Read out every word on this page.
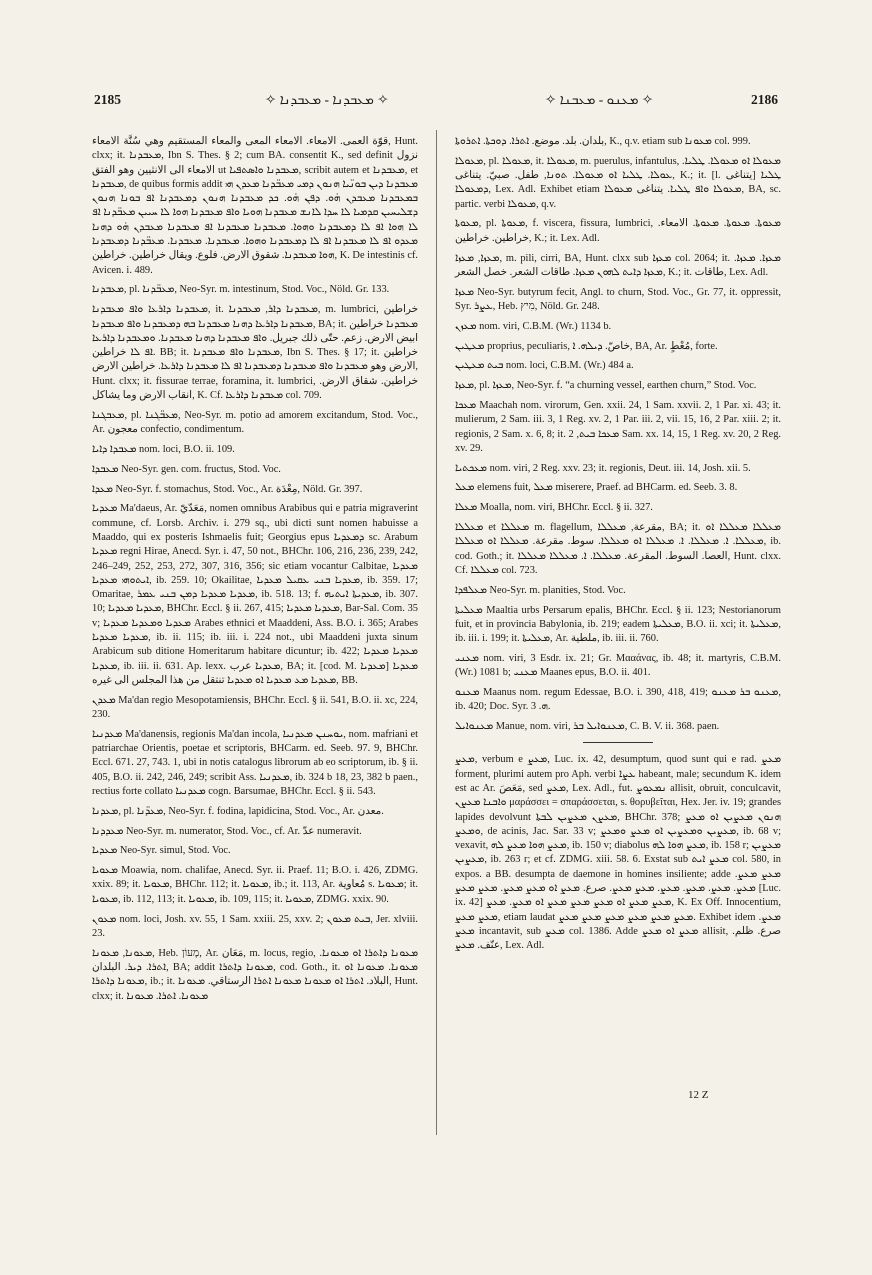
2185	✧ ܡܥܒܕܢܐ - ܡܥܒܕܢܐ ✧	✧ ܡܥܢܘ - ܡܥܒܢܐ ✧	2186

قوّة العمى. الامعاء. الامعاء المعى والمعاء المستقيم وهي سُنَّة الامعاء, Hunt. clxx; it. ܡܥܒܕܢܐ, Ibn S. Thes. § 2; cum BA. consentit K., sed definit نزول الامعاء الى الانثيين وهو الفتق ut ܡܥܒܕܢܐ ܘܐܣܬܦܝܐ, scribit autem et ܡܥܒܕܢܐ, et ܡܥܒܕܢܐ, de quibus formis addit ܡܥܒܕܢܐ ܕܝܢ ܒܘܢ̈ܝܐ ܗܢܘܢ ܕܡܝ ܡܥܒ̈ܕܢܐ ܡܥܕܢ ܗܝ ܒܡܥܒܕܢܐ ܡܥܒܕܢ ܗ̇ܘ. ܕܦܢ ܗ̇ܘ. ܟܕ ܡܥܒܕܢܐ ܗܢܘܢ ܕܡܥܒܕܢܐ ܐܦ ܒܘܢܐ ܗܢܘܢ ܕܫܠܝܚܝܢ ܩܕܡܝܐ ܠܐ ܚܕܐ ܠܐܢܫ ܡܥܒܕܢܐ ܗܘܝܐ ܘܐܦ ܡܥܒܕܢܐ ܗܘܐ ܠܐ ܚܝܝܢ ܡܥܒ̈ܕܢܐ ܐܦ ܠܐ ܗܘܐ ܐܦ ܠܐ ܕܡܥܒܕܢܐ ܘܗܘܐ. ܡܥܒܕܢܐ ܡܥܒܕܢܐ ܐܦ ܡܥܒܕܢܐ ܡܥܒܕܢ ܗ̇ܘ ܕܗܢܐ ܡܥܕܘ ܐܦ ܠܐ ܡܥܒܕܢܐ ܐܦ ܠܐ ܕܡܥܒܕܢܐ ܘܗܘܐ. ܡܥܒܕܢܐ. ܡܥܒܕܢܐ. ܡܥܒ̈ܕܢܐ ܕܡܥܒܕܢܐ ܗܘܐ ܡܥܒܕܢܐ. شقوق الارض. فلوع. ويقال خراطين. خراطين, K. De intestinis cf. Avicen. i. 489.

ܡܥܒܕܢܐ, pl. ܡܥܒ̈ܕܢܐ, Neo-Syr. m. intestinum, Stod. Voc., Nöld. Gr. 133.

ܡܥܒܕܢܐ ܕܐܪܥܐ ܘܐܦ ܡܥܒܕܢܐ, it. ܡܥܒܕܢܐ ܕܐܪ, ܡܥܒܕܢܐ, m. lumbrici, خراطين ܡܥܒܕܢܐ ܕܐܪܥܐ ܕܗܢܐ ܡܥܒܕܢܐ ܒܗ ܕܡܥܒܕܢܐ ܘܐܦ ܡܥܒܕܢܐ, BA; it. ܡܥܒܕܢܐ خراطين ابيض الارض. زعم. حتّى ذلك جبريل. ܘܐܦ ܡܥܒܕܢܐ ܕܗܢܐ ܡܥܒܕܢܐ. ܘܡܥܒܕܢܐ ܕܐܪܥܐ ܐܦ ܠܐ خراطين. BB; it. ܡܥܒܕܢܐ ܘܐܦ ܡܥܒܕܢܐ, Ibn S. Thes. § 17; it. خراطين الارض وهو ܡܥܒܕܢܐ ܘܐܦ ܡܥܒܕܢܐ ܕܡܥܒܕܢܐ ܐܦ ܠܐ ܡܥܒܕܢܐ ܕܐܪܥܐ. خراطين الارض, Hunt. clxx; it. fissurae terrae, foramina, it. lumbrici, خراطين. شقاق الارض. انقاب الارض وما يشاكل, K. Cf. ܡܥܒܕܢܐ ܕܐܪܥܐ col. 709.

ܡܥܒܓܢܐ, pl. ܡܥܒ̈ܓܢܐ, Neo-Syr. m. potio ad amorem excitandum, Stod. Voc., Ar. معجون confectio, condimentum.

ܡܥܒܕܐ ܕܐܝܐ nom. loci, B.O. ii. 109.

ܡܥܒܕܐ Neo-Syr. gen. com. fructus, Stod. Voc.

ܡܥܕܐ Neo-Syr. f. stomachus, Stod. Voc., Ar. مِعْدَة, Nöld. Gr. 397.

ܡܥܕܝܐ Ma'daeus, Ar. مَعَدّيّ, nomen omnibus Arabibus qui e patria migraverint commune, cf. Lorsb. Archiv. i. 279 sq., ubi dicti sunt nomen habuisse a Maaddo, qui ex posteris Ishmaelis fuit; Georgius epus ܕܡܥܕܝܐ sc. Arabum ܡܥܕܝܐ regni Hirae, Anecd. Syr. i. 47, 50 not., BHChr. 106, 216, 236, 239, 242, 246–249, 252, 253, 272, 307, 316, 356; sic etiam vocantur Calbitae, ܡܥܕܝܐ ܐܝܬܘܗܝ ܡܥܕܝܐ, ib. 259. 10; Okailitae, ܡܥܕܝܐ ܒܢܝ ܥܩܝܠ ܡܥܕܝܐ, ib. 359. 17; Omaritae, ܡܥܕܝܐ ܡܥܕܝܐ ܕܡܢ ܒܢܝ ܥܡܪ, ib. 518. 13; f. ܡܥܕܝܬܐ ܐܝܬܝܗ, ib. 307. 10; ܡܥܕܝܐ ܡܥܕܝܐ, BHChr. Eccl. § ii. 267, 415; ܡܥܕܝܐ ܡܥܕܝܐ, Bar-Sal. Com. 35 v; ܡܥܕܝܐ ܘܡܥܕܝܐ ܡܥܕܝܐ Arabes ethnici et Maaddeni, Ass. B.O. i. 365; Arabes ܡܥܕܝܐ ܡܥܕܝܐ, ib. ii. 115; ib. iii. i. 224 not., ubi Maaddeni juxta sinum Arabicum sub ditione Homeritarum habitare dicuntur; ib. 422; ܡܥܕܝܐ ܡܥܕܝܐ ܡܥܕܝܐ, ib. iii. ii. 631. Ap. lexx. ܡܥܕܝܐ عرب, BA; it. [cod. M. ܡܥܕܝܐ] ܡܥܕܝܐ ܡܥܕܝܐ ܡܥ ܡܥܕܝܐ ܐܘ ܡܥܕܝܐ تنتقل من هذا المجلس الى غيره, BB.

ܡܥܕܢ Ma'dan regio Mesopotamiensis, BHChr. Eccl. § ii. 541, B.O. ii. xc, 224, 230.

ܡܥܕܢܝܐ Ma'danensis, regionis Ma'dan incola, ܝܘܚܢܢ ܡܥܕܢܝܐ, nom. mafriani et patriarchae Orientis, poetae et scriptoris, BHCarm. ed. Seeb. 97. 9, BHChr. Eccl. 671. 27, 743. 1, ubi in notis catalogus librorum ab eo scriptorum, ib. § ii. 405, B.O. ii. 242, 246, 249; scribit Ass. ܡܥܕܢܝܐ, ib. 324 b 18, 23, 382 b paen., rectius forte collato ܡܥܕܢܝܐ cogn. Barsumae, BHChr. Eccl. § ii. 543.

ܡܥܕܢܐ, pl. ܡܥܕ̈ܢܐ, Neo-Syr. f. fodina, lapidicina, Stod. Voc., Ar. معدن.

ܡܥܕܕܢܐ Neo-Syr. m. numerator, Stod. Voc., cf. Ar. عدّ numeravit.

ܡܥܕܝܐ Neo-Syr. simul, Stod. Voc.

ܡܥܘܝܐ Moawia, nom. chalifae, Anecd. Syr. ii. Praef. 11; B.O. i. 426, ZDMG. xxix. 89; it. ܡܥܘܝܐ, BHChr. 112; it. ܡܥܘܝܐ, ib.; it. 113, Ar. مُعاوية s. ܡܥܘܝܐ; it. ܡܥܘܝܐ, ib. 112, 113; it. ܡܥܘܝܐ, ib. 109, 115; it. ܡܥܘܝܐ, ZDMG. xxix. 90.

ܡܥܘܢ nom. loci, Josh. xv. 55, 1 Sam. xxiii. 25, xxv. 2; ܒܝܬ ܡܥܘܢ, Jer. xlviii. 23.

ܡܥܘܢܐ, ܡܥܘܢܐ, Heb. מָעוֹן, Ar. مَعَان, m. locus, regio, ܡܥܘܢܐ ܕܐܬܪܐ ܐܘ ܡܥܘܢܐ. ܐܬܪܐ. ܕܝܪ. البلدان, BA; addit ܡܥܘܢܐ ܕܐܬܪܐ, cod. Goth., it. ܡܥܘܢܐ. ܡܥܘܢܐ ܐܘ ܡܥܘܢܐ ܕܐܬܪܐ, ib.; it. البلاد. ܐܬܪܐ ܐܘ ܡܥܘܢܐ ܡܥܘܢܐ ܐܬܪܐ الرستاقي. ܡܥܘܢܐ, Hunt. clxx; it. ܡܥܘܢܐ. ܐܬܪܐ. ܡܥܘܢܐ

بلدان. بلد. موضع. ܐܬܪܐ. ܕܘܟܬܐ. ܐܬܪܘܬܐ, K., q.v. etiam sub ܡܥܘܢܐ col. 999.

ܡܥܘܠܐ, pl. ܡܥܘܠܐ, it. ܡܥܘܠܐ, m. puerulus, infantulus, ܡܥܘܠܐ ܐܘ ܡܥܘܠܐ. ܛܠܝܐ. ܥܘܠܐ. ܛܠܝܐ ܐܘ ܡܥܘܠܐ. ܬܘܢܐ, طفل. صبيّ. يتناغى, K.; it. [l. يتناغى] ܛܠܝܐ ܕܡܥܘܠܐ, Lex. Adl. Exhibet etiam ܡܥܘܠܐ ܘܐܦ ܛܠܝܐ. يتناغى ܡܥܘܠܐ, BA, sc. partic. verbi ܡܥܘܠܐ, q.v.

ܡܥܘܬܐ, pl. ܡܥܘܬܐ, f. viscera, fissura, lumbrici, ܡܥܘܬܐ. ܡܥܘܬܐ. ܡܥܘܬܐ. الامعاء. خراطين. خراطين, K.; it. Lex. Adl.

ܡܥܙܐ, ܡܥܙܐ, m. pili, cirri, BA, Hunt. clxx sub ܡܥܙܐ col. 2064; it. ܡܥܙܐ. ܡܥܙܐ. ܡܥܙܐ ܕܐܝܬ ܠܗܘܢ ܡܥܙܐ. طاقات الشعر. خصل الشعر, K.; it. طاقات, Lex. Adl.

ܡܥܙܐ Neo-Syr. butyrum fecit, Angl. to churn, Stod. Voc., Gr. 77, it. oppressit, Syr. ܥܨܪ, Heb. מִיץ, Nöld. Gr. 248.

ܡܥܙܢ nom. viri, C.B.M. (Wr.) 1134 b.

ܡܥܛܝܢ proprius, peculiaris, خاصّ. ܕܝܠܗ. ܐ, BA, Ar. مُعْطٍ, forte.

ܒܝܬ ܡܥܛܝܢ nom. loci, C.B.M. (Wr.) 484 a.

ܡܥܙܐ, pl. ܡܥܙܐ, Neo-Syr. f. “a churning vessel, earthen churn,” Stod. Voc.

ܡܥܟܐ Maachah nom. virorum, Gen. xxii. 24, 1 Sam. xxvii. 2, 1 Par. xi. 43; it. mulierum, 2 Sam. iii. 3, 1 Reg. xv. 2, 1 Par. iii. 2, vii. 15, 16, 2 Par. xiii. 2; it. regionis, 2 Sam. x. 6, 8; it. ܡܥܟܐ ܒܝܬ, 2 Sam. xx. 14, 15, 1 Reg. xv. 20, 2 Reg. xv. 29.

ܡܥܟܬܝܐ nom. viri, 2 Reg. xxv. 23; it. regionis, Deut. iii. 14, Josh. xii. 5.

ܡܥܠ elemens fuit, ܡܥܠ miserere, Praef. ad BHCarm. ed. Seeb. 3. 8.

ܡܥܠܐ Moalla, nom. viri, BHChr. Eccl. § ii. 327.

ܡܥܠܠܐ et ܡܥܠܠܐ m. flagellum, مقرعة, ܡܥܠܠܐ, BA; it. ܡܥܠܠܐ ܡܥܠܠܐ ܐܘ ܡܥܠܠܐ. ܐ. ܡܥܠܠܐ. ܐ. ܡܥܠܠܐ ܐܘ ܡܥܠܠܐ. سوط. مقرعة. ܡܥܠܠܐ ܐܘ ܡܥܠܠܐ, ib. cod. Goth.; it. العصا. السوط. المقرعة. ܡܥܠܠܐ. ܐ. ܡܥܠܠܐ ܡܥܠܠܐ, Hunt. clxx. Cf. ܡܥܠܠܐ col. 723.

ܡܥܠܦܕܐ Neo-Syr. m. planities, Stod. Voc.

ܡܥܠܝܬܐ Maaltia urbs Persarum epalis, BHChr. Eccl. § ii. 123; Nestorianorum fuit, et in provincia Babylonia, ib. 219; eadem ܡܥܠܝܬܐ, B.O. ii. xci; it. ܡܥܠܝܬܐ, ib. iii. i. 199; it. ܡܥܠܝܬܐ, Ar. ملطية, ib. iii. ii. 760.

ܡܥܢܝ nom. viri, 3 Esdr. ix. 21; Gr. Μααάνας, ib. 48; it. martyris, C.B.M. (Wr.) 1081 b; ܡܥܢܝ Maanes epus, B.O. ii. 401.

ܡܥܢܘ Maanus nom. regum Edessae, B.O. i. 390, 418, 419; ܡܥܢܘ ܒܪ ܡܥܢܘ, ib. 420; Doc. Syr. ܗ. 3.

ܡܥܢܘܐܝܠ Manue, nom. viri, ܡܥܢܘܐܝܠ ܒܪ, C. B. V. ii. 368. paen.

ܡܥܨ, verbum e ܡܥܨ, Luc. ix. 42, desumptum, quod sunt qui e rad. ܡܥܨ forment, plurimi autem pro Aph. verbi ܥܨܐ habeant, male; secundum K. idem est ac Ar. مَعَصَ, sed ܡܥܨ, Lex. Adl., fut. ܢܡܥܘܨ allisit, obruit, conculcavit, ܘܐܒܢܐ ܡܥܨܢ μαράσσει = σπαράσσεται, s. θορυβεῖται, Hex. Jer. iv. 19; grandes lapides devolvunt ܡܥܨܢ ܡܥܨܝܢ ܠܒܬܐ, BHChr. 378; ܗܢܘܢ ܡܥܨܝܢ ܐܘ ܡܥܨ ܘܡܥܨ, de acinis, Jac. Sar. 33 v; ܡܥܨܝܢ ܘܡܥܨܝܢ ܐܘ ܡܥܨ ܘܡܥܨ, ib. 68 v; vexavit, ܡܥܨ ܗܘܐ ܡܥܨ ܠܗ, ib. 150 v; diabolus ܡܥܨ ܗܘܐ ܠܗ, ib. 158 r; ܡܥܨܝܢ ܡܥܨܝܢ, ib. 263 r; et cf. ZDMG. xiii. 58. 6. Exstat sub ܡܥܨ ܐܝܬ col. 580, in expos. a BB. desumpta de daemone in homines insiliente; adde ܡܥܨ ܡܥܨ. ܡܥܨ. ܡܥܨ. ܡܥܨ. ܡܥܨ. ܡܥܨ ܡܥܨ. صرع. ܡܥܨ ܐܘ ܡܥܨ ܡܥܨ. ܡܥܨ ܡܥܨ [Luc. ix. 42] ܡܥܨ ܡܥܨ ܐܘ ܡܥܨ ܡܥܨ ܡܥܨ ܐܘ ܡܥܨ. ܡܥܨ, K. Ex Off. Innocentium, ܡܥܨ ܡܥܨ, etiam laudat ܡܥܨ ܡܥܨ ܡܥܨ ܡܥܨ ܡܥܨ ܡܥܨ. Exhibet idem ܡܥܨ. ܡܥܨ incantavit, sub ܡܥܨ col. 1386. Adde ܡܥܨ ܐܘ ܡܥܨ allisit, صرع. ظلم. عنّف. ܡܥܨ, Lex. Adl.

12 Z
